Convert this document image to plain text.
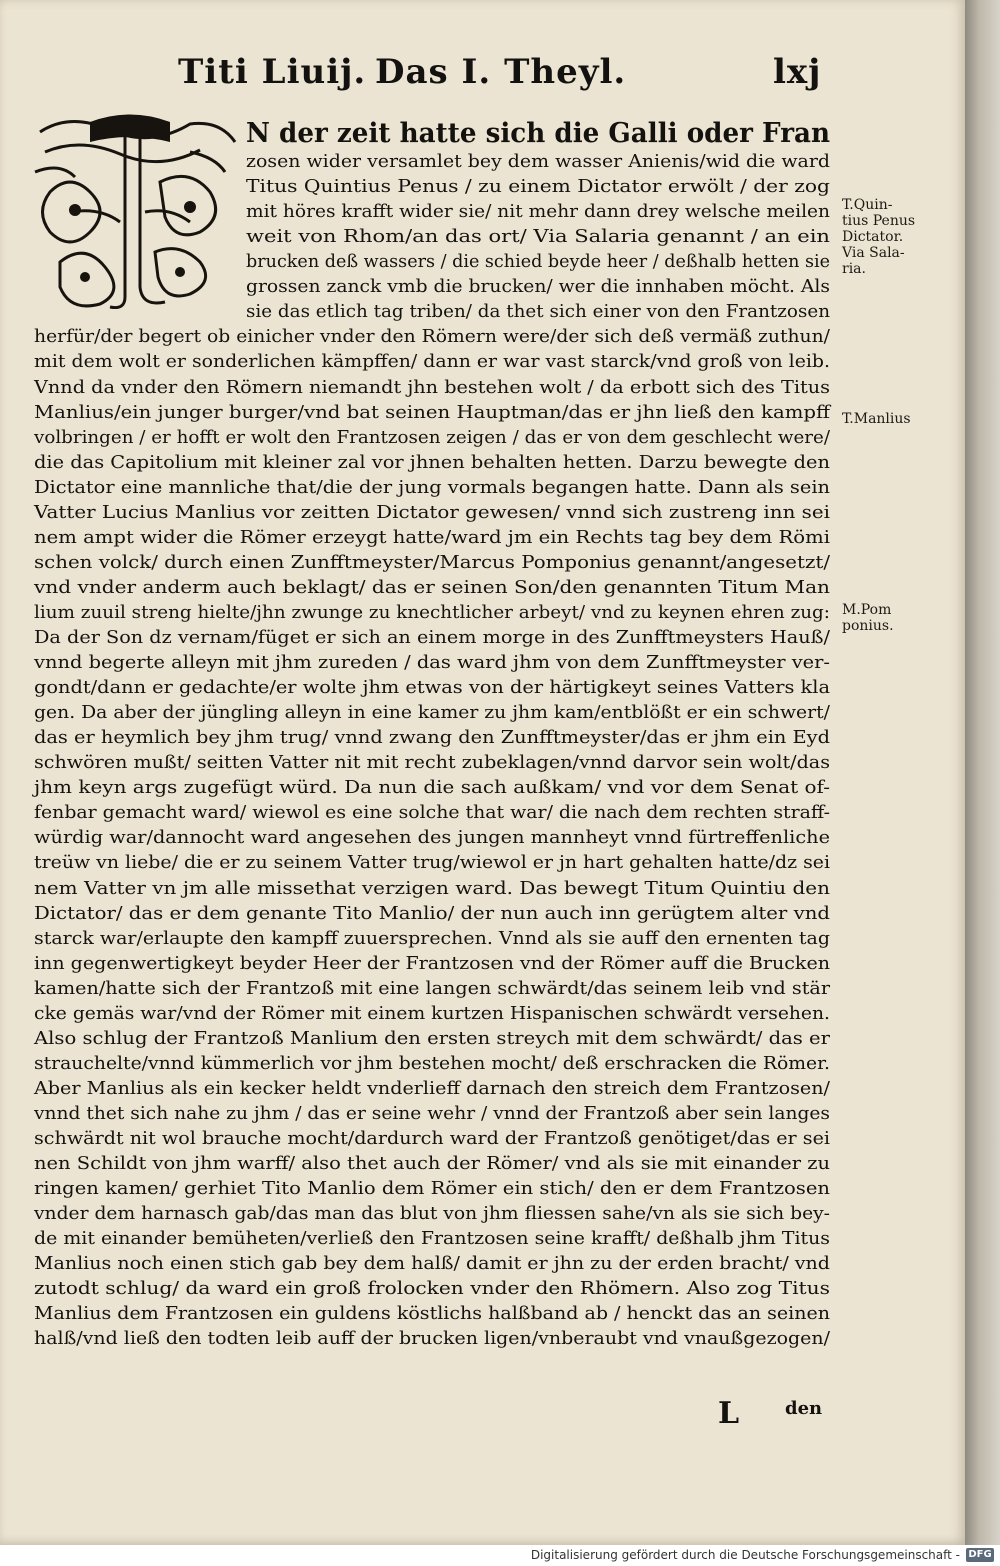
Titi Liuij. Das I. Theyl.	lxj
N der zeit hatte sich die Galli oder Fran
zosen wider versamlet bey dem wasser Anienis/wid die ward
Titus Quintius Penus / zu einem Dictator erwölt / der zog
mit höres krafft wider sie/ nit mehr dann drey welsche meilen
weit von Rhom/an das ort/ Via Salaria genannt / an ein
brucken deß wassers / die schied beyde heer / deßhalb hetten sie
grossen zanck vmb die brucken/ wer die innhaben möcht. Als
sie das etlich tag triben/ da thet sich einer von den Frantzosen
herfür/der begert ob einicher vnder den Römern were/der sich deß vermäß zuthun/
mit dem wolt er sonderlichen kämpffen/ dann er war vast starck/vnd groß von leib.
Vnnd da vnder den Römern niemandt jhn bestehen wolt / da erbott sich des Titus
Manlius/ein junger burger/vnd bat seinen Hauptman/das er jhn ließ den kampff
volbringen / er hofft er wolt den Frantzosen zeigen / das er von dem geschlecht were/
die das Capitolium mit kleiner zal vor jhnen behalten hetten. Darzu bewegte den
Dictator eine mannliche that/die der jung vormals begangen hatte. Dann als sein
Vatter Lucius Manlius vor zeitten Dictator gewesen/ vnnd sich zustreng inn sei
nem ampt wider die Römer erzeygt hatte/ward jm ein Rechts tag bey dem Römi
schen volck/ durch einen Zunfftmeyster/Marcus Pomponius genannt/angesetzt/
vnd vnder anderm auch beklagt/ das er seinen Son/den genannten Titum Man
lium zuuil streng hielte/jhn zwunge zu knechtlicher arbeyt/ vnd zu keynen ehren zug:
Da der Son dz vernam/füget er sich an einem morge in des Zunfftmeysters Hauß/
vnnd begerte alleyn mit jhm zureden / das ward jhm von dem Zunfftmeyster ver-
gondt/dann er gedachte/er wolte jhm etwas von der härtigkeyt seines Vatters kla
gen. Da aber der jüngling alleyn in eine kamer zu jhm kam/entblößt er ein schwert/
das er heymlich bey jhm trug/ vnnd zwang den Zunfftmeyster/das er jhm ein Eyd
schwören mußt/ seitten Vatter nit mit recht zubeklagen/vnnd darvor sein wolt/das
jhm keyn args zugefügt würd. Da nun die sach außkam/ vnd vor dem Senat of-
fenbar gemacht ward/ wiewol es eine solche that war/ die nach dem rechten straff-
würdig war/dannocht ward angesehen des jungen mannheyt vnnd fürtreffenliche
treüw vn liebe/ die er zu seinem Vatter trug/wiewol er jn hart gehalten hatte/dz sei
nem Vatter vn jm alle missethat verzigen ward. Das bewegt Titum Quintiu den
Dictator/ das er dem genante Tito Manlio/ der nun auch inn gerügtem alter vnd
starck war/erlaupte den kampff zuuersprechen. Vnnd als sie auff den ernenten tag
inn gegenwertigkeyt beyder Heer der Frantzosen vnd der Römer auff die Brucken
kamen/hatte sich der Frantzoß mit eine langen schwärdt/das seinem leib vnd stär
cke gemäs war/vnd der Römer mit einem kurtzen Hispanischen schwärdt versehen.
Also schlug der Frantzoß Manlium den ersten streych mit dem schwärdt/ das er
strauchelte/vnnd kümmerlich vor jhm bestehen mocht/ deß erschracken die Römer.
Aber Manlius als ein kecker heldt vnderlieff darnach den streich dem Frantzosen/
vnnd thet sich nahe zu jhm / das er seine wehr / vnnd der Frantzoß aber sein langes
schwärdt nit wol brauche mocht/dardurch ward der Frantzoß genötiget/das er sei
nen Schildt von jhm warff/ also thet auch der Römer/ vnd als sie mit einander zu
ringen kamen/ gerhiet Tito Manlio dem Römer ein stich/ den er dem Frantzosen
vnder dem harnasch gab/das man das blut von jhm fliessen sahe/vn als sie sich bey-
de mit einander bemüheten/verließ den Frantzosen seine krafft/ deßhalb jhm Titus
Manlius noch einen stich gab bey dem halß/ damit er jhn zu der erden bracht/ vnd
zutodt schlug/ da ward ein groß frolocken vnder den Rhömern. Also zog Titus
Manlius dem Frantzosen ein guldens köstlichs halßband ab / henckt das an seinen
halß/vnd ließ den todten leib auff der brucken ligen/vnberaubt vnd vnaußgezogen/
L	den
T.Quin-
tius Penus
Dictator.
Via Sala-
ria.
T.Manlius
M.Pom
ponius.
Digitalisierung gefördert durch die Deutsche Forschungsgemeinschaft - DFG
